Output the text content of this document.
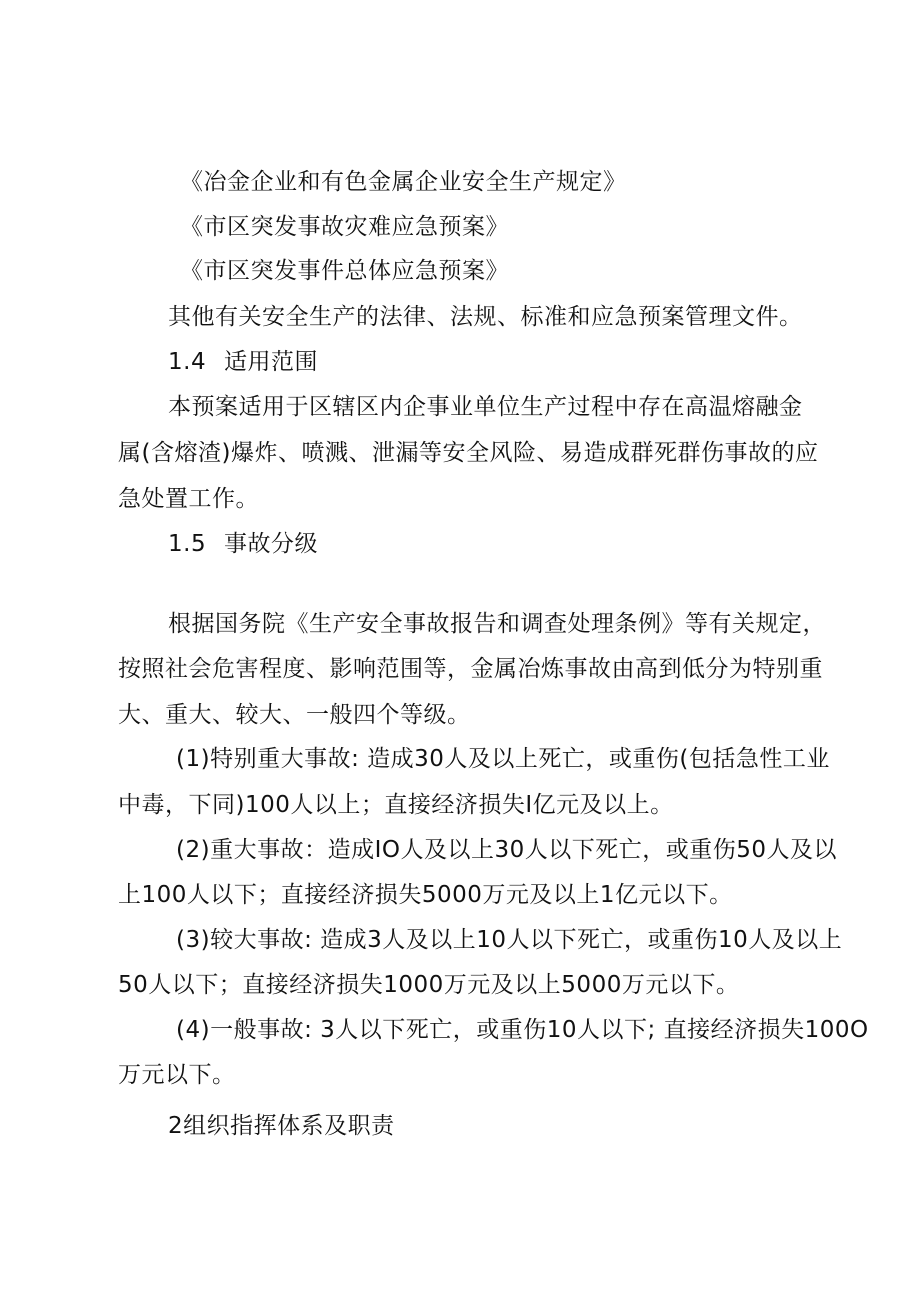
《冶金企业和有色金属企业安全生产规定》
《市区突发事故灾难应急预案》
《市区突发事件总体应急预案》
其他有关安全生产的法律、法规、标准和应急预案管理文件。
1.4 适用范围
本预案适用于区辖区内企事业单位生产过程中存在高温熔融金
属(含熔渣)爆炸、喷溅、泄漏等安全风险、易造成群死群伤事故的应
急处置工作。
1.5 事故分级
根据国务院《生产安全事故报告和调查处理条例》等有关规定，
按照社会危害程度、影响范围等，金属冶炼事故由高到低分为特别重
大、重大、较大、一般四个等级。
(1)特别重大事故: 造成30人及以上死亡，或重伤(包括急性工业
中毒，下同)100人以上；直接经济损失I亿元及以上。
(2)重大事故：造成IO人及以上30人以下死亡，或重伤50人及以
上100人以下；直接经济损失5000万元及以上1亿元以下。
(3)较大事故: 造成3人及以上10人以下死亡，或重伤10人及以上
50人以下；直接经济损失1000万元及以上5000万元以下。
(4)一般事故: 3人以下死亡，或重伤10人以下; 直接经济损失100O
万元以下。
2组织指挥体系及职责
